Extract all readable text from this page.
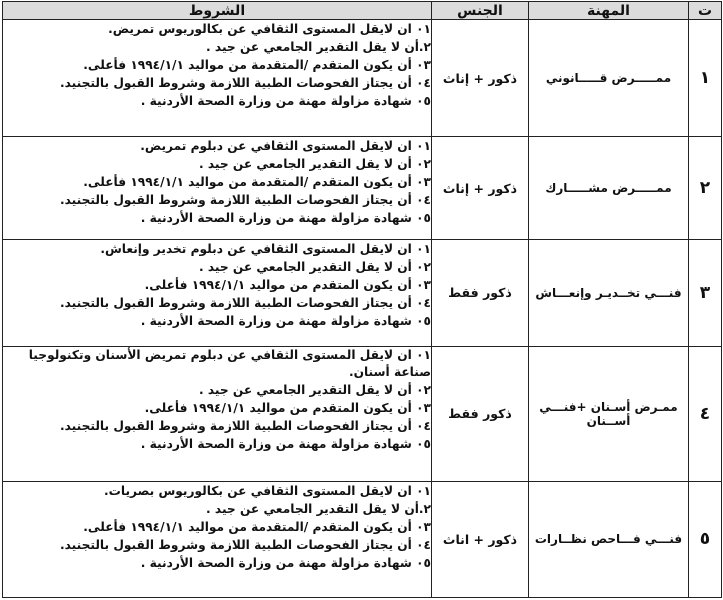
ت	المهنة	الجنس	الشروط
١	ممـــــرض قـــــانوني	ذكور + إناث	٠١ ان لايقل المستوى الثقافي عن بكالوريوس تمريض.
٢.أن لا يقل التقدير الجامعي عن جيد .
٠٣ أن يكون المتقدم /المتقدمة من مواليد ١٩٩٤/١/١ فأعلى.
٠٤ أن يجتاز الفحوصات الطبية اللازمة وشروط القبول بالتجنيد.
٠٥ شهادة مزاولة مهنة من وزارة الصحة الأردنية .

٢	ممـــــرض مشـــــارك	ذكور + إناث	٠١ ان لايقل المستوى الثقافي عن دبلوم تمريض.
٠٢ أن لا يقل التقدير الجامعي عن جيد .
٠٣ أن يكون المتقدم /المتقدمة من مواليد ١٩٩٤/١/١ فأعلى.
٠٤ أن يجتاز الفحوصات الطبية اللازمة وشروط القبول بالتجنيد.
٠٥ شهادة مزاولة مهنة من وزارة الصحة الأردنية .

٣	فنـــي تخــديـر وإنعـــاش	ذكور فقط	٠١ ان لايقل المستوى الثقافي عن دبلوم تخدير وإنعاش.
٠٢ أن لا يقل التقدير الجامعي عن جيد .
٠٣ أن يكون المتقدم من مواليد ١٩٩٤/١/١ فأعلى.
٠٤ أن يجتاز الفحوصات الطبية اللازمة وشروط القبول بالتجنيد.
٠٥ شهادة مزاولة مهنة من وزارة الصحة الأردنية .

٤	ممـرض أسـنان +فنـــي أســنان	ذكور فقط	٠١ ان لايقل المستوى الثقافي عن دبلوم تمريض الأسنان وتكنولوجيا صناعة أسنان.
٠٢ أن لا يقل التقدير الجامعي عن جيد .
٠٣ أن يكون المتقدم من مواليد ١٩٩٤/١/١ فأعلى.
٠٤ أن يجتاز الفحوصات الطبية اللازمة وشروط القبول بالتجنيد.
٠٥ شهادة مزاولة مهنة من وزارة الصحة الأردنية .

٥	فنـــي فـــاحص نظــارات	ذكور + اناث	٠١ ان لايقل المستوى الثقافي عن بكالوريوس بصريات.
٢.أن لا يقل التقدير الجامعي عن جيد .
٠٣ أن يكون المتقدم /المتقدمة من مواليد ١٩٩٤/١/١ فأعلى.
٠٤ أن يجتاز الفحوصات الطبية اللازمة وشروط القبول بالتجنيد.
٠٥ شهادة مزاولة مهنة من وزارة الصحة الأردنية .
